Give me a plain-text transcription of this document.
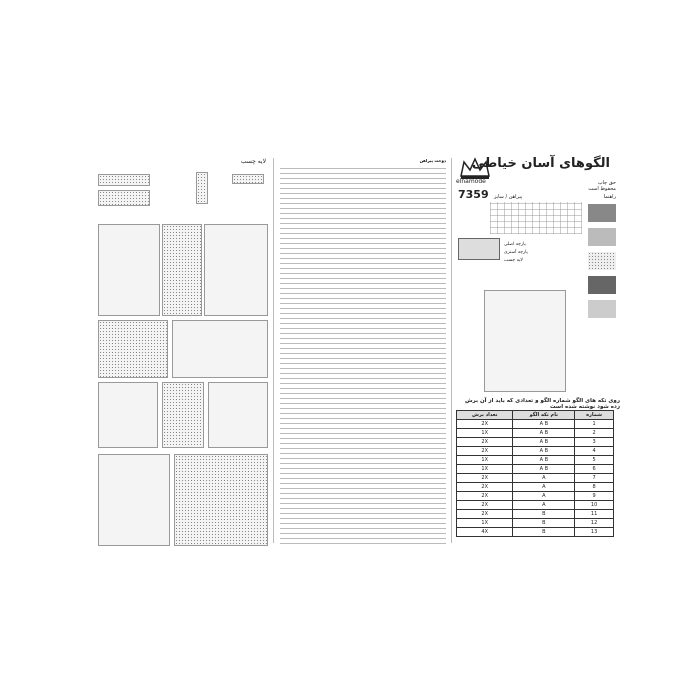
لایه چسب	دوخت پیراهن
elnamode
7359
الگوهای آسان خیاطی
حق چاپ
محفوظ است
راهنما
پیراهن / سایز
پارچه اصلی
پارچه آستری
لایه چسب
روی تکه های الگو شماره الگو و تعدادی که باید از آن برش زده شود نوشته شده است
تعداد برش	نام تکه الگو	شماره
2X	A B	1
1X	A B	2
2X	A B	3
2X	A B	4
1X	A B	5
1X	A B	6
2X	A	7
2X	A	8
2X	A	9
2X	A	10
2X	B	11
1X	B	12
4X	B	13
